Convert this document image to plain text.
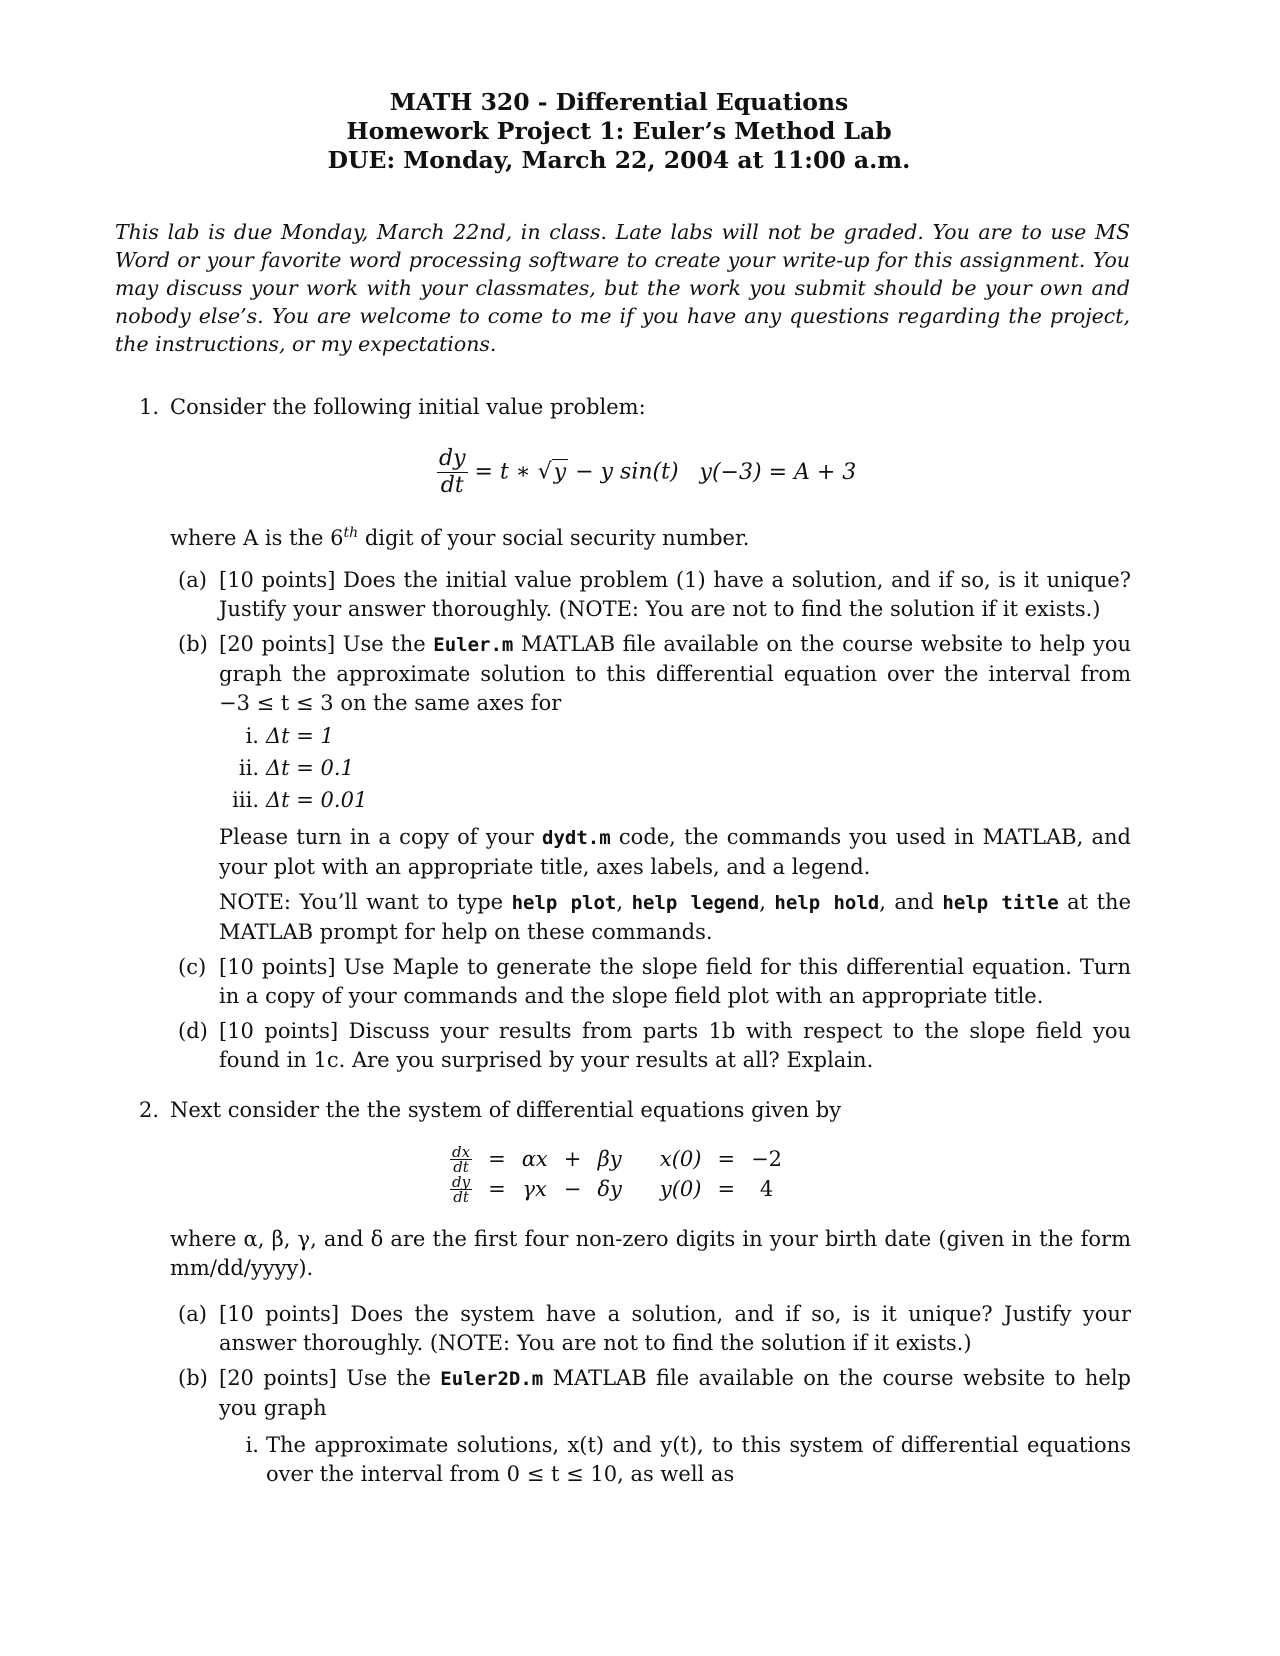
MATH 320 - Differential Equations
Homework Project 1: Euler’s Method Lab
DUE: Monday, March 22, 2004 at 11:00 a.m.
This lab is due Monday, March 22nd, in class. Late labs will not be graded. You are to use MS Word or your favorite word processing software to create your write-up for this assignment. You may discuss your work with your classmates, but the work you submit should be your own and nobody else’s. You are welcome to come to me if you have any questions regarding the project, the instructions, or my expectations.
1. Consider the following initial value problem:
$\frac{dy}{dt} = t$ ∗ √y − y sin(t) y(−3) = A + 3
where A is the 6th digit of your social security number.
(a) [10 points] Does the initial value problem (1) have a solution, and if so, is it unique? Justify your answer thoroughly. (NOTE: You are not to find the solution if it exists.)
(b) [20 points] Use the Euler.m MATLAB file available on the course website to help you graph the approximate solution to this differential equation over the interval from −3 ≤ t ≤ 3 on the same axes for
i. Δt = 1
ii. Δt = 0.1
iii. Δt = 0.01
Please turn in a copy of your dydt.m code, the commands you used in MATLAB, and your plot with an appropriate title, axes labels, and a legend.
NOTE: You’ll want to type help plot, help legend, help hold, and help title at the MATLAB prompt for help on these commands.
(c) [10 points] Use Maple to generate the slope field for this differential equation. Turn in a copy of your commands and the slope field plot with an appropriate title.
(d) [10 points] Discuss your results from parts 1b with respect to the slope field you found in 1c. Are you surprised by your results at all? Explain.
2. Next consider the the system of differential equations given by
$\frac{dx}{dt}$	=	αx	+	βy	x(0)	=	−2

$\frac{dy}{dt}$	=	γx	−	δy	y(0)	=	4
where α, β, γ, and δ are the first four non-zero digits in your birth date (given in the form mm/dd/yyyy).
(a) [10 points] Does the system have a solution, and if so, is it unique? Justify your answer thoroughly. (NOTE: You are not to find the solution if it exists.)
(b) [20 points] Use the Euler2D.m MATLAB file available on the course website to help you graph
i. The approximate solutions, x(t) and y(t), to this system of differential equations over the interval from 0 ≤ t ≤ 10, as well as
